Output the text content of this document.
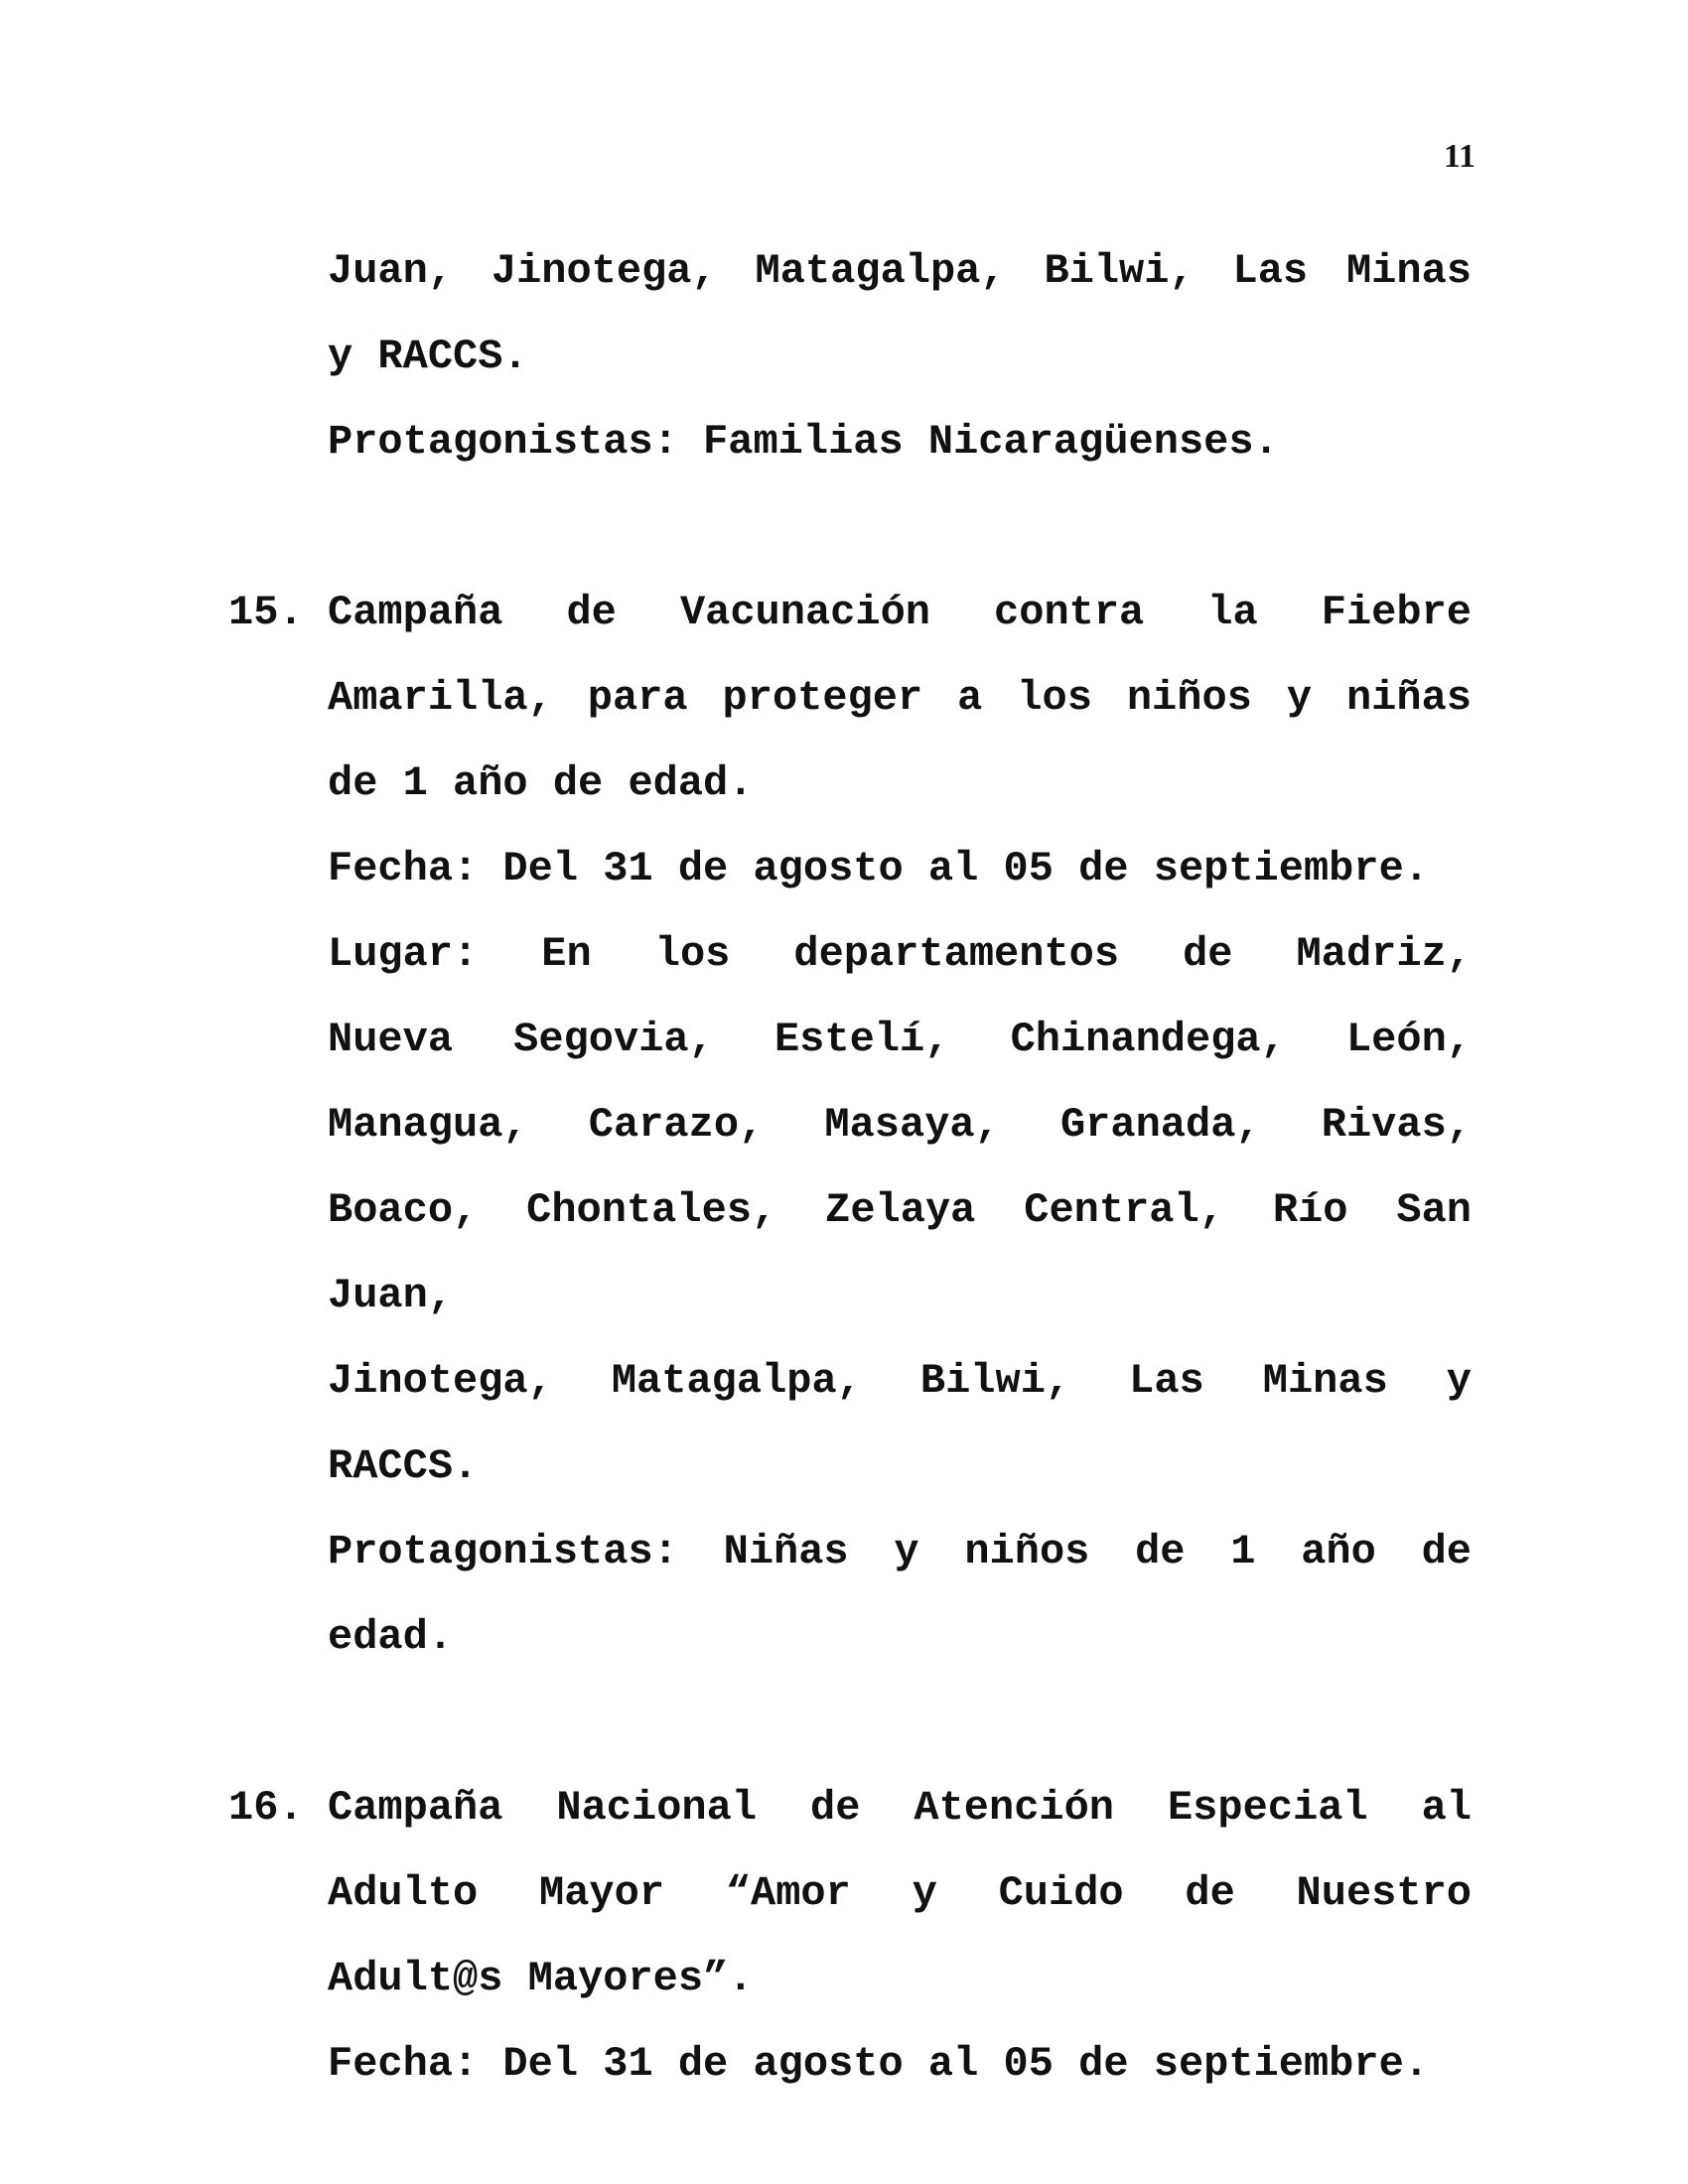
11
Juan, Jinotega, Matagalpa, Bilwi, Las Minas
y RACCS.
Protagonistas: Familias Nicaragüenses.
15. Campaña de Vacunación contra la Fiebre
Amarilla, para proteger a los niños y niñas
de 1 año de edad.
Fecha: Del 31 de agosto al 05 de septiembre.
Lugar: En los departamentos de Madriz,
Nueva Segovia, Estelí, Chinandega, León,
Managua, Carazo, Masaya, Granada, Rivas,
Boaco, Chontales, Zelaya Central, Río San Juan,
Jinotega, Matagalpa, Bilwi, Las Minas y RACCS.
Protagonistas: Niñas y niños de 1 año de
edad.
16. Campaña Nacional de Atención Especial al
Adulto Mayor “Amor y Cuido de Nuestro
Adult@s Mayores”.
Fecha: Del 31 de agosto al 05 de septiembre.
